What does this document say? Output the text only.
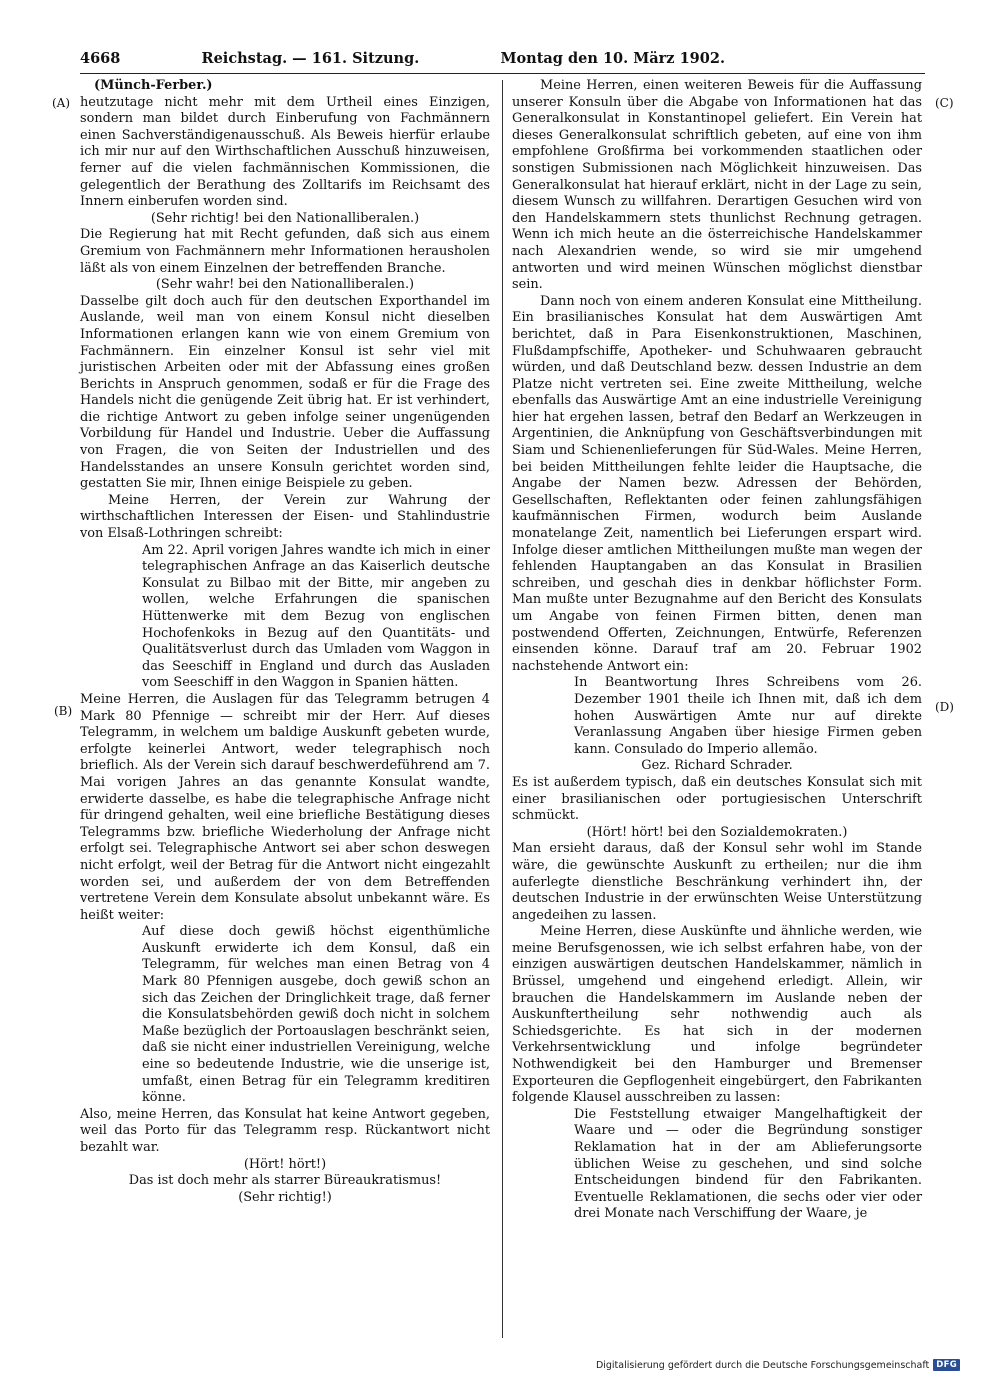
4668	Reichstag. — 161. Sitzung.	Montag den 10. März 1902.
(A)
(B)
(C)
(D)
(Münch-Ferber.)
heutzutage nicht mehr mit dem Urtheil eines Einzigen, sondern man bildet durch Einberufung von Fachmännern einen Sachverständigenausschuß. Als Beweis hierfür erlaube ich mir nur auf den Wirthschaftlichen Ausschuß hinzuweisen, ferner auf die vielen fachmännischen Kommissionen, die gelegentlich der Berathung des Zolltarifs im Reichsamt des Innern einberufen worden sind.
(Sehr richtig! bei den Nationalliberalen.)
Die Regierung hat mit Recht gefunden, daß sich aus einem Gremium von Fachmännern mehr Informationen herausholen läßt als von einem Einzelnen der betreffenden Branche.
(Sehr wahr! bei den Nationalliberalen.)
Dasselbe gilt doch auch für den deutschen Exporthandel im Auslande, weil man von einem Konsul nicht dieselben Informationen erlangen kann wie von einem Gremium von Fachmännern. Ein einzelner Konsul ist sehr viel mit juristischen Arbeiten oder mit der Abfassung eines großen Berichts in Anspruch genommen, sodaß er für die Frage des Handels nicht die genügende Zeit übrig hat. Er ist verhindert, die richtige Antwort zu geben infolge seiner ungenügenden Vorbildung für Handel und Industrie. Ueber die Auffassung von Fragen, die von Seiten der Industriellen und des Handelsstandes an unsere Konsuln gerichtet worden sind, gestatten Sie mir, Ihnen einige Beispiele zu geben.
Meine Herren, der Verein zur Wahrung der wirthschaftlichen Interessen der Eisen- und Stahlindustrie von Elsaß-Lothringen schreibt:
Am 22. April vorigen Jahres wandte ich mich in einer telegraphischen Anfrage an das Kaiserlich deutsche Konsulat zu Bilbao mit der Bitte, mir angeben zu wollen, welche Erfahrungen die spanischen Hüttenwerke mit dem Bezug von englischen Hochofenkoks in Bezug auf den Quantitäts- und Qualitätsverlust durch das Umladen vom Waggon in das Seeschiff in England und durch das Ausladen vom Seeschiff in den Waggon in Spanien hätten.
Meine Herren, die Auslagen für das Telegramm betrugen 4 Mark 80 Pfennige — schreibt mir der Herr. Auf dieses Telegramm, in welchem um baldige Auskunft gebeten wurde, erfolgte keinerlei Antwort, weder telegraphisch noch brieflich. Als der Verein sich darauf beschwerdeführend am 7. Mai vorigen Jahres an das genannte Konsulat wandte, erwiderte dasselbe, es habe die telegraphische Anfrage nicht für dringend gehalten, weil eine briefliche Bestätigung dieses Telegramms bzw. briefliche Wiederholung der Anfrage nicht erfolgt sei. Telegraphische Antwort sei aber schon deswegen nicht erfolgt, weil der Betrag für die Antwort nicht eingezahlt worden sei, und außerdem der von dem Betreffenden vertretene Verein dem Konsulate absolut unbekannt wäre. Es heißt weiter:
Auf diese doch gewiß höchst eigenthümliche Auskunft erwiderte ich dem Konsul, daß ein Telegramm, für welches man einen Betrag von 4 Mark 80 Pfennigen ausgebe, doch gewiß schon an sich das Zeichen der Dringlichkeit trage, daß ferner die Konsulatsbehörden gewiß doch nicht in solchem Maße bezüglich der Portoauslagen beschränkt seien, daß sie nicht einer industriellen Vereinigung, welche eine so bedeutende Industrie, wie die unserige ist, umfaßt, einen Betrag für ein Telegramm kreditiren könne.
Also, meine Herren, das Konsulat hat keine Antwort gegeben, weil das Porto für das Telegramm resp. Rückantwort nicht bezahlt war.
(Hört! hört!)
Das ist doch mehr als starrer Büreaukratismus!
(Sehr richtig!)
Meine Herren, einen weiteren Beweis für die Auffassung unserer Konsuln über die Abgabe von Informationen hat das Generalkonsulat in Konstantinopel geliefert. Ein Verein hat dieses Generalkonsulat schriftlich gebeten, auf eine von ihm empfohlene Großfirma bei vorkommenden staatlichen oder sonstigen Submissionen nach Möglichkeit hinzuweisen. Das Generalkonsulat hat hierauf erklärt, nicht in der Lage zu sein, diesem Wunsch zu willfahren. Derartigen Gesuchen wird von den Handelskammern stets thunlichst Rechnung getragen. Wenn ich mich heute an die österreichische Handelskammer nach Alexandrien wende, so wird sie mir umgehend antworten und wird meinen Wünschen möglichst dienstbar sein.
Dann noch von einem anderen Konsulat eine Mittheilung. Ein brasilianisches Konsulat hat dem Auswärtigen Amt berichtet, daß in Para Eisenkonstruktionen, Maschinen, Flußdampfschiffe, Apotheker- und Schuhwaaren gebraucht würden, und daß Deutschland bezw. dessen Industrie an dem Platze nicht vertreten sei. Eine zweite Mittheilung, welche ebenfalls das Auswärtige Amt an eine industrielle Vereinigung hier hat ergehen lassen, betraf den Bedarf an Werkzeugen in Argentinien, die Anknüpfung von Geschäftsverbindungen mit Siam und Schienenlieferungen für Süd-Wales. Meine Herren, bei beiden Mittheilungen fehlte leider die Hauptsache, die Angabe der Namen bezw. Adressen der Behörden, Gesellschaften, Reflektanten oder feinen zahlungsfähigen kaufmännischen Firmen, wodurch beim Auslande monatelange Zeit, namentlich bei Lieferungen erspart wird. Infolge dieser amtlichen Mittheilungen mußte man wegen der fehlenden Hauptangaben an das Konsulat in Brasilien schreiben, und geschah dies in denkbar höflichster Form. Man mußte unter Bezugnahme auf den Bericht des Konsulats um Angabe von feinen Firmen bitten, denen man postwendend Offerten, Zeichnungen, Entwürfe, Referenzen einsenden könne. Darauf traf am 20. Februar 1902 nachstehende Antwort ein:
In Beantwortung Ihres Schreibens vom 26. Dezember 1901 theile ich Ihnen mit, daß ich dem hohen Auswärtigen Amte nur auf direkte Veranlassung Angaben über hiesige Firmen geben kann. Consulado do Imperio allemão.
Gez. Richard Schrader.
Es ist außerdem typisch, daß ein deutsches Konsulat sich mit einer brasilianischen oder portugiesischen Unterschrift schmückt.
(Hört! hört! bei den Sozialdemokraten.)
Man ersieht daraus, daß der Konsul sehr wohl im Stande wäre, die gewünschte Auskunft zu ertheilen; nur die ihm auferlegte dienstliche Beschränkung verhindert ihn, der deutschen Industrie in der erwünschten Weise Unterstützung angedeihen zu lassen.
Meine Herren, diese Auskünfte und ähnliche werden, wie meine Berufsgenossen, wie ich selbst erfahren habe, von der einzigen auswärtigen deutschen Handelskammer, nämlich in Brüssel, umgehend und eingehend erledigt. Allein, wir brauchen die Handelskammern im Auslande neben der Auskunftertheilung sehr nothwendig auch als Schiedsgerichte. Es hat sich in der modernen Verkehrsentwicklung und infolge begründeter Nothwendigkeit bei den Hamburger und Bremenser Exporteuren die Gepflogenheit eingebürgert, den Fabrikanten folgende Klausel ausschreiben zu lassen:
Die Feststellung etwaiger Mangelhaftigkeit der Waare und — oder die Begründung sonstiger Reklamation hat in der am Ablieferungsorte üblichen Weise zu geschehen, und sind solche Entscheidungen bindend für den Fabrikanten. Eventuelle Reklamationen, die sechs oder vier oder drei Monate nach Verschiffung der Waare, je
Digitalisierung gefördert durch die Deutsche Forschungsgemeinschaft DFG
